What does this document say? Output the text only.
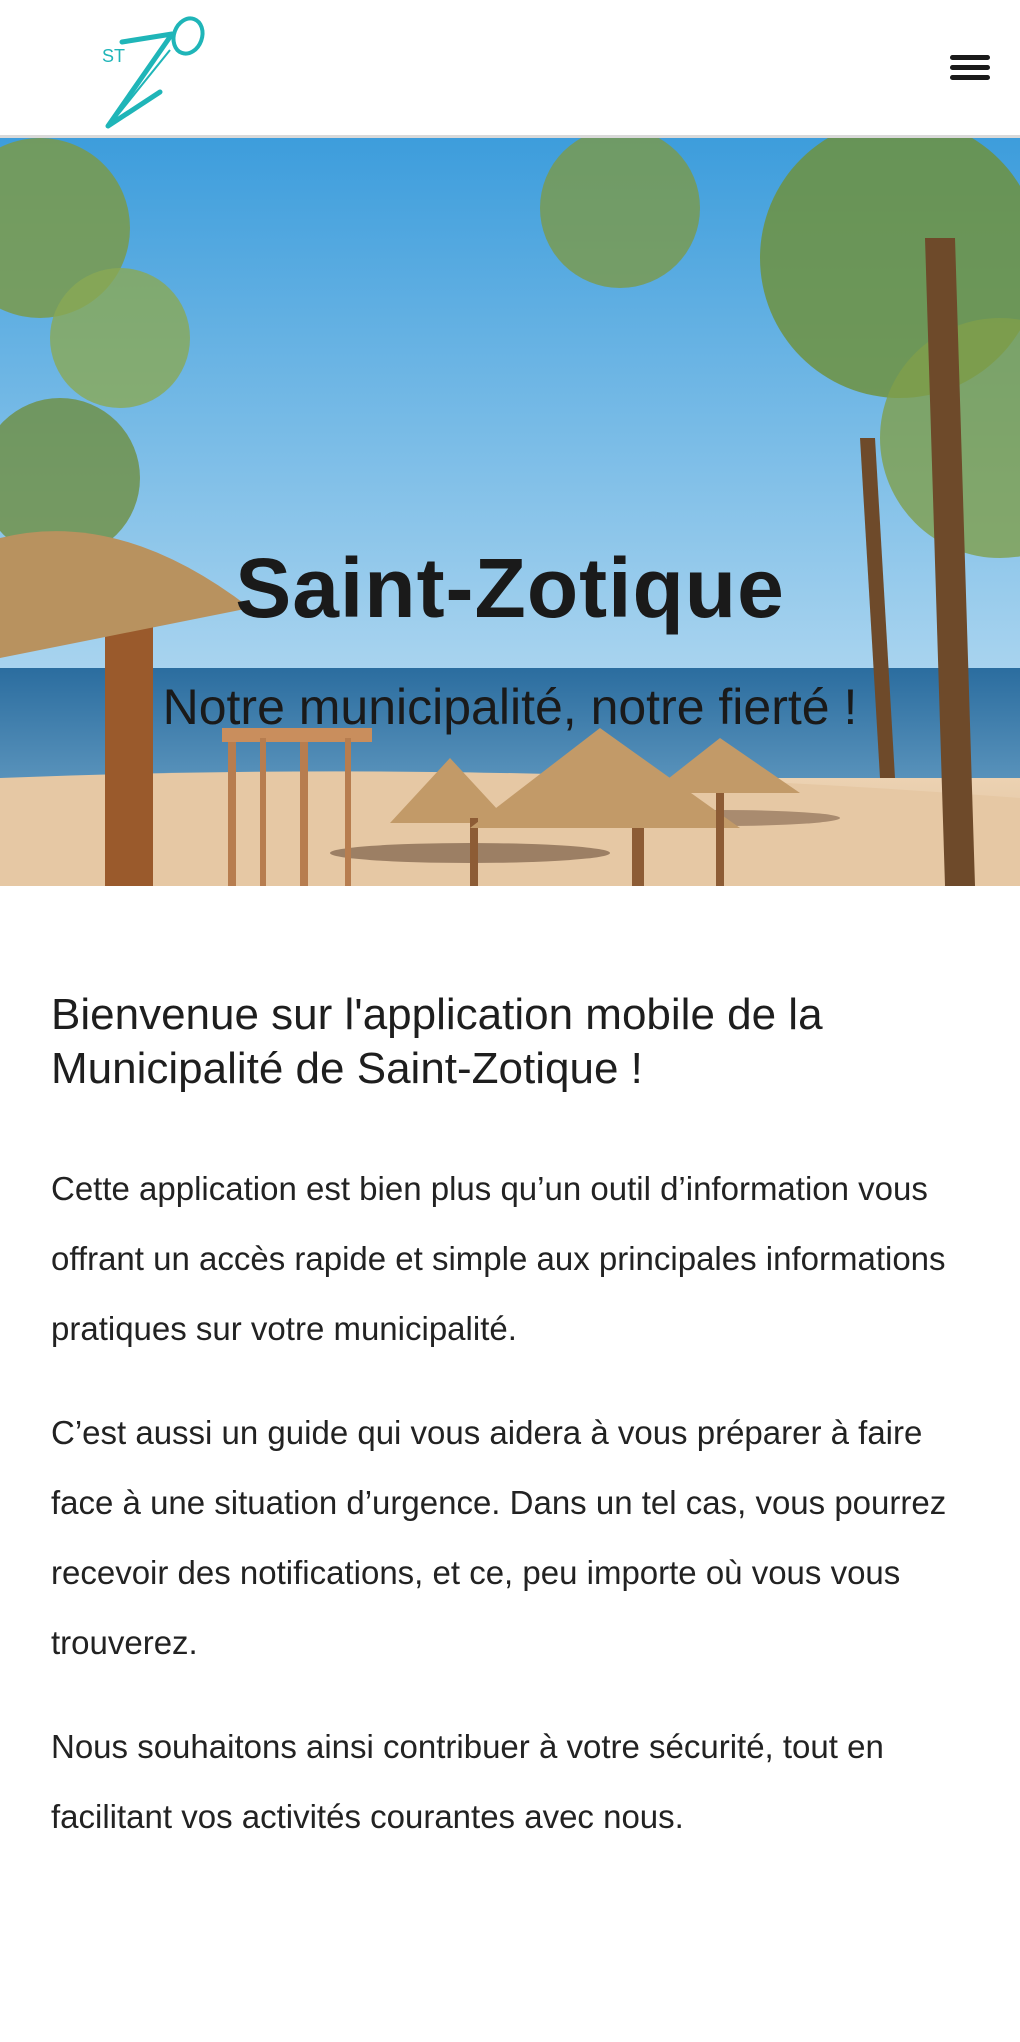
ST
Saint-Zotique
Notre municipalité, notre fierté !
Bienvenue sur l'application mobile de la Municipalité de Saint-Zotique !

Cette application est bien plus qu’un outil d’information vous offrant un accès rapide et simple aux principales informations pratiques sur votre municipalité.

C’est aussi un guide qui vous aidera à vous préparer à faire face à une situation d’urgence. Dans un tel cas, vous pourrez recevoir des notifications, et ce, peu importe où vous vous trouverez.

Nous souhaitons ainsi contribuer à votre sécurité, tout en facilitant vos activités courantes avec nous.
